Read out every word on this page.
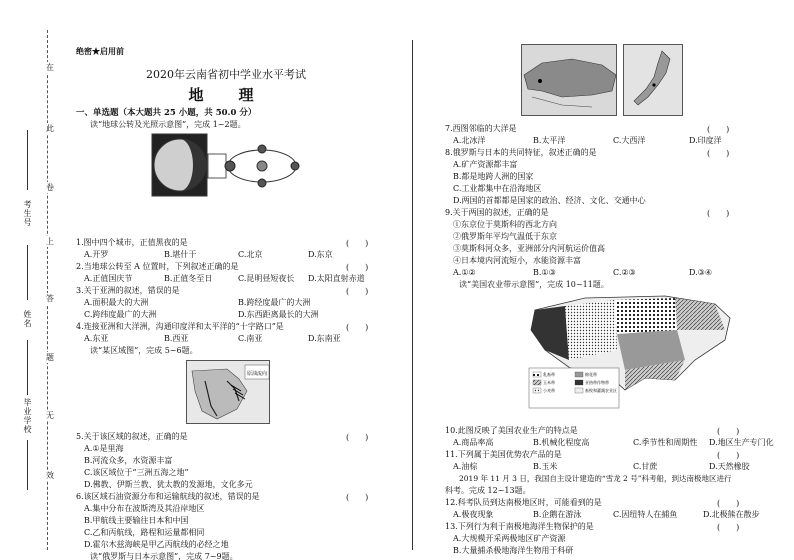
在
此
卷
上
答
题
无
效
考生号
姓名
毕业学校
绝密★启用前
2020年云南省初中学业水平考试
地　理
一、单选题（本大题共 25 小题，共 50.0 分）
读“地球公转及光照示意图”，完成 1~2题。
1.图中四个城市，正值黑夜的是	(　　)
A.开罗	B.堪什干	C.北京	D.东京
2.当地球公转至 A 位置时，下列叙述正确的是	(　　)
A.正值国庆节	B.正值冬至日	C.昆明昼短夜长 D.太阳直射赤道
3.关于亚洲的叙述，错误的是	(　　)
A.面积最大的大洲	B.跨经度最广的大洲
C.跨纬度最广的大洲	D.东西距离最长的大洲
4.连接亚洲和大洋洲，沟通印度洋和太平洋的“十字路口”是	(　　)
A.东亚	B.西亚	C.南亚	D.东南亚
读“某区域图”，完成 5~6题。
原油流向
5.关于该区域的叙述，正确的是	(　　)
A.①是里海
B.河流众多，水资源丰富
C.该区域位于“三洲五海之地”
D.佛教、伊斯兰教、犹太教的发源地，文化多元
6.该区域石油资源分布和运输航线的叙述，错误的是	(　　)
A.集中分布在波斯湾及其沿岸地区
B.甲航线主要输往日本和中国
C.乙和丙航线，路程和运量都相同
D.霍尔木兹海峡是甲乙丙航线的必经之地
读“俄罗斯与日本示意图”，完成 7~9题。
7.西图邻临的大洋是	(　　)
A.北冰洋	B.太平洋	C.大西洋	D.印度洋
8.俄罗斯与日本的共同特征，叙述正确的是	(　　)
A.矿产资源都丰富
B.都是地跨人洲的国家
C.工业都集中在沿海地区
D.两国的首都都是国家的政治、经济、文化、交通中心
9.关于两国的叙述，正确的是	(　　)
①东京位于莫斯科的西北方向
②俄罗斯年平均气温低于东京
③莫斯科河众多，亚洲部分内河航运价值高
④日本境内河流短小，水能资源丰富
A.①②	B.①③	C.②③	D.③④
读“美国农业带示意图”，完成 10~11题。
乳畜带
玉米带
小麦带
棉花带
亚热带作物带
畜牧和灌溉农业区
10.此图反映了美国农业生产的特点是	(　　)
A.商品率高	B.机械化程度高	C.季节性和周期性 D.地区生产专门化
11.下列属于美国优势农产品的是	(　　)
A.油棕	B.玉米	C.甘蔗	D.天然橡胶
2019 年 11 月 3 日，我国自主设计建造的“雪龙 2 号”科考船，到达南极地区进行
科考。完成 12~13题。
12.科考队员到达南极地区时，可能看到的是	(　　)
A.极夜现象	B.企鹅在游泳	C.因纽特人在捕鱼	D.北极熊在散步
13.下列行为利于南极地海洋生物保护的是	(　　)
A.大规模开采两极地区矿产资源
B.大量捕杀极地海洋生物用于科研
